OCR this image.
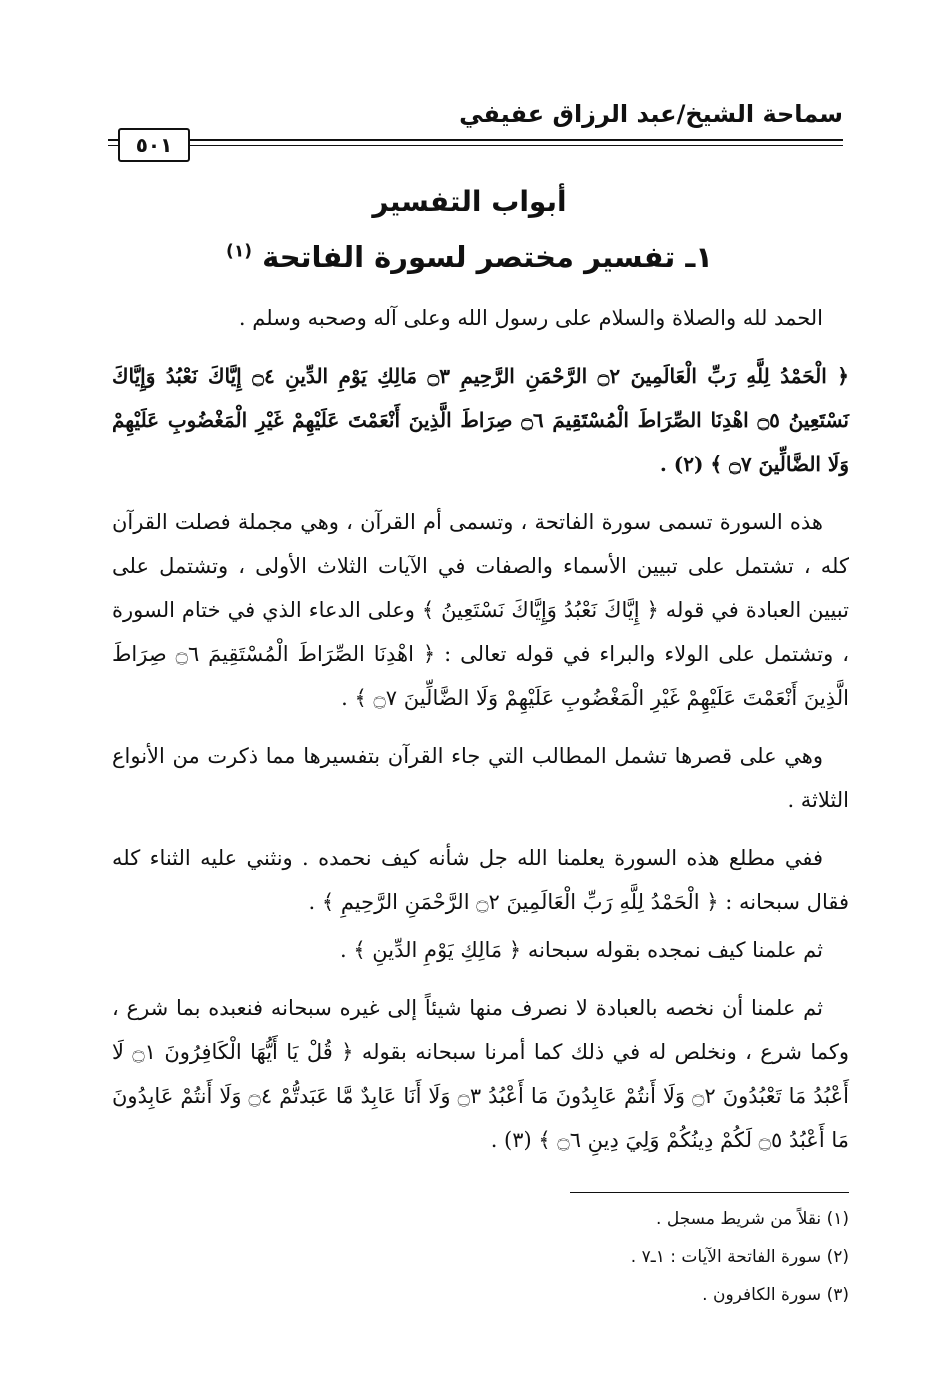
سماحة الشيخ/عبد الرزاق عفيفي
٥٠١
أبواب التفسير
١ـ تفسير مختصر لسورة الفاتحة $^{(١)}$

الحمد لله والصلاة والسلام على رسول الله وعلى آله وصحبه وسلم .

﴿ الْحَمْدُ لِلَّهِ رَبِّ الْعَالَمِينَ ۝٢ الرَّحْمَنِ الرَّحِيمِ ۝٣ مَالِكِ يَوْمِ الدِّينِ ۝٤ إِيَّاكَ نَعْبُدُ وَإِيَّاكَ نَسْتَعِينُ ۝٥ اهْدِنَا الصِّرَاطَ الْمُسْتَقِيمَ ۝٦ صِرَاطَ الَّذِينَ أَنْعَمْتَ عَلَيْهِمْ غَيْرِ الْمَغْضُوبِ عَلَيْهِمْ وَلَا الضَّالِّينَ ۝٧ ﴾ (٢) .

هذه السورة تسمى سورة الفاتحة ، وتسمى أم القرآن ، وهي مجملة فصلت القرآن كله ، تشتمل على تبيين الأسماء والصفات في الآيات الثلاث الأولى ، وتشتمل على تبيين العبادة في قوله ﴿ إِيَّاكَ نَعْبُدُ وَإِيَّاكَ نَسْتَعِينُ ﴾ وعلى الدعاء الذي في ختام السورة ، وتشتمل على الولاء والبراء في قوله تعالى : ﴿ اهْدِنَا الصِّرَاطَ الْمُسْتَقِيمَ ۝٦ صِرَاطَ الَّذِينَ أَنْعَمْتَ عَلَيْهِمْ غَيْرِ الْمَغْضُوبِ عَلَيْهِمْ وَلَا الضَّالِّينَ ۝٧ ﴾ .

وهي على قصرها تشمل المطالب التي جاء القرآن بتفسيرها مما ذكرت من الأنواع الثلاثة .

ففي مطلع هذه السورة يعلمنا الله جل شأنه كيف نحمده . ونثني عليه الثناء كله فقال سبحانه : ﴿ الْحَمْدُ لِلَّهِ رَبِّ الْعَالَمِينَ ۝٢ الرَّحْمَنِ الرَّحِيمِ ﴾ .

ثم علمنا كيف نمجده بقوله سبحانه ﴿ مَالِكِ يَوْمِ الدِّينِ ﴾ .

ثم علمنا أن نخصه بالعبادة لا نصرف منها شيئاً إلى غيره سبحانه فنعبده بما شرع ، وكما شرع ، ونخلص له في ذلك كما أمرنا سبحانه بقوله ﴿ قُلْ يَا أَيُّهَا الْكَافِرُونَ ۝١ لَا أَعْبُدُ مَا تَعْبُدُونَ ۝٢ وَلَا أَنتُمْ عَابِدُونَ مَا أَعْبُدُ ۝٣ وَلَا أَنَا عَابِدٌ مَّا عَبَدتُّمْ ۝٤ وَلَا أَنتُمْ عَابِدُونَ مَا أَعْبُدُ ۝٥ لَكُمْ دِينُكُمْ وَلِيَ دِينِ ۝٦ ﴾ (٣) .

(١) نقلاً من شريط مسجل .
(٢) سورة الفاتحة الآيات : ١ـ٧ .
(٣) سورة الكافرون .
